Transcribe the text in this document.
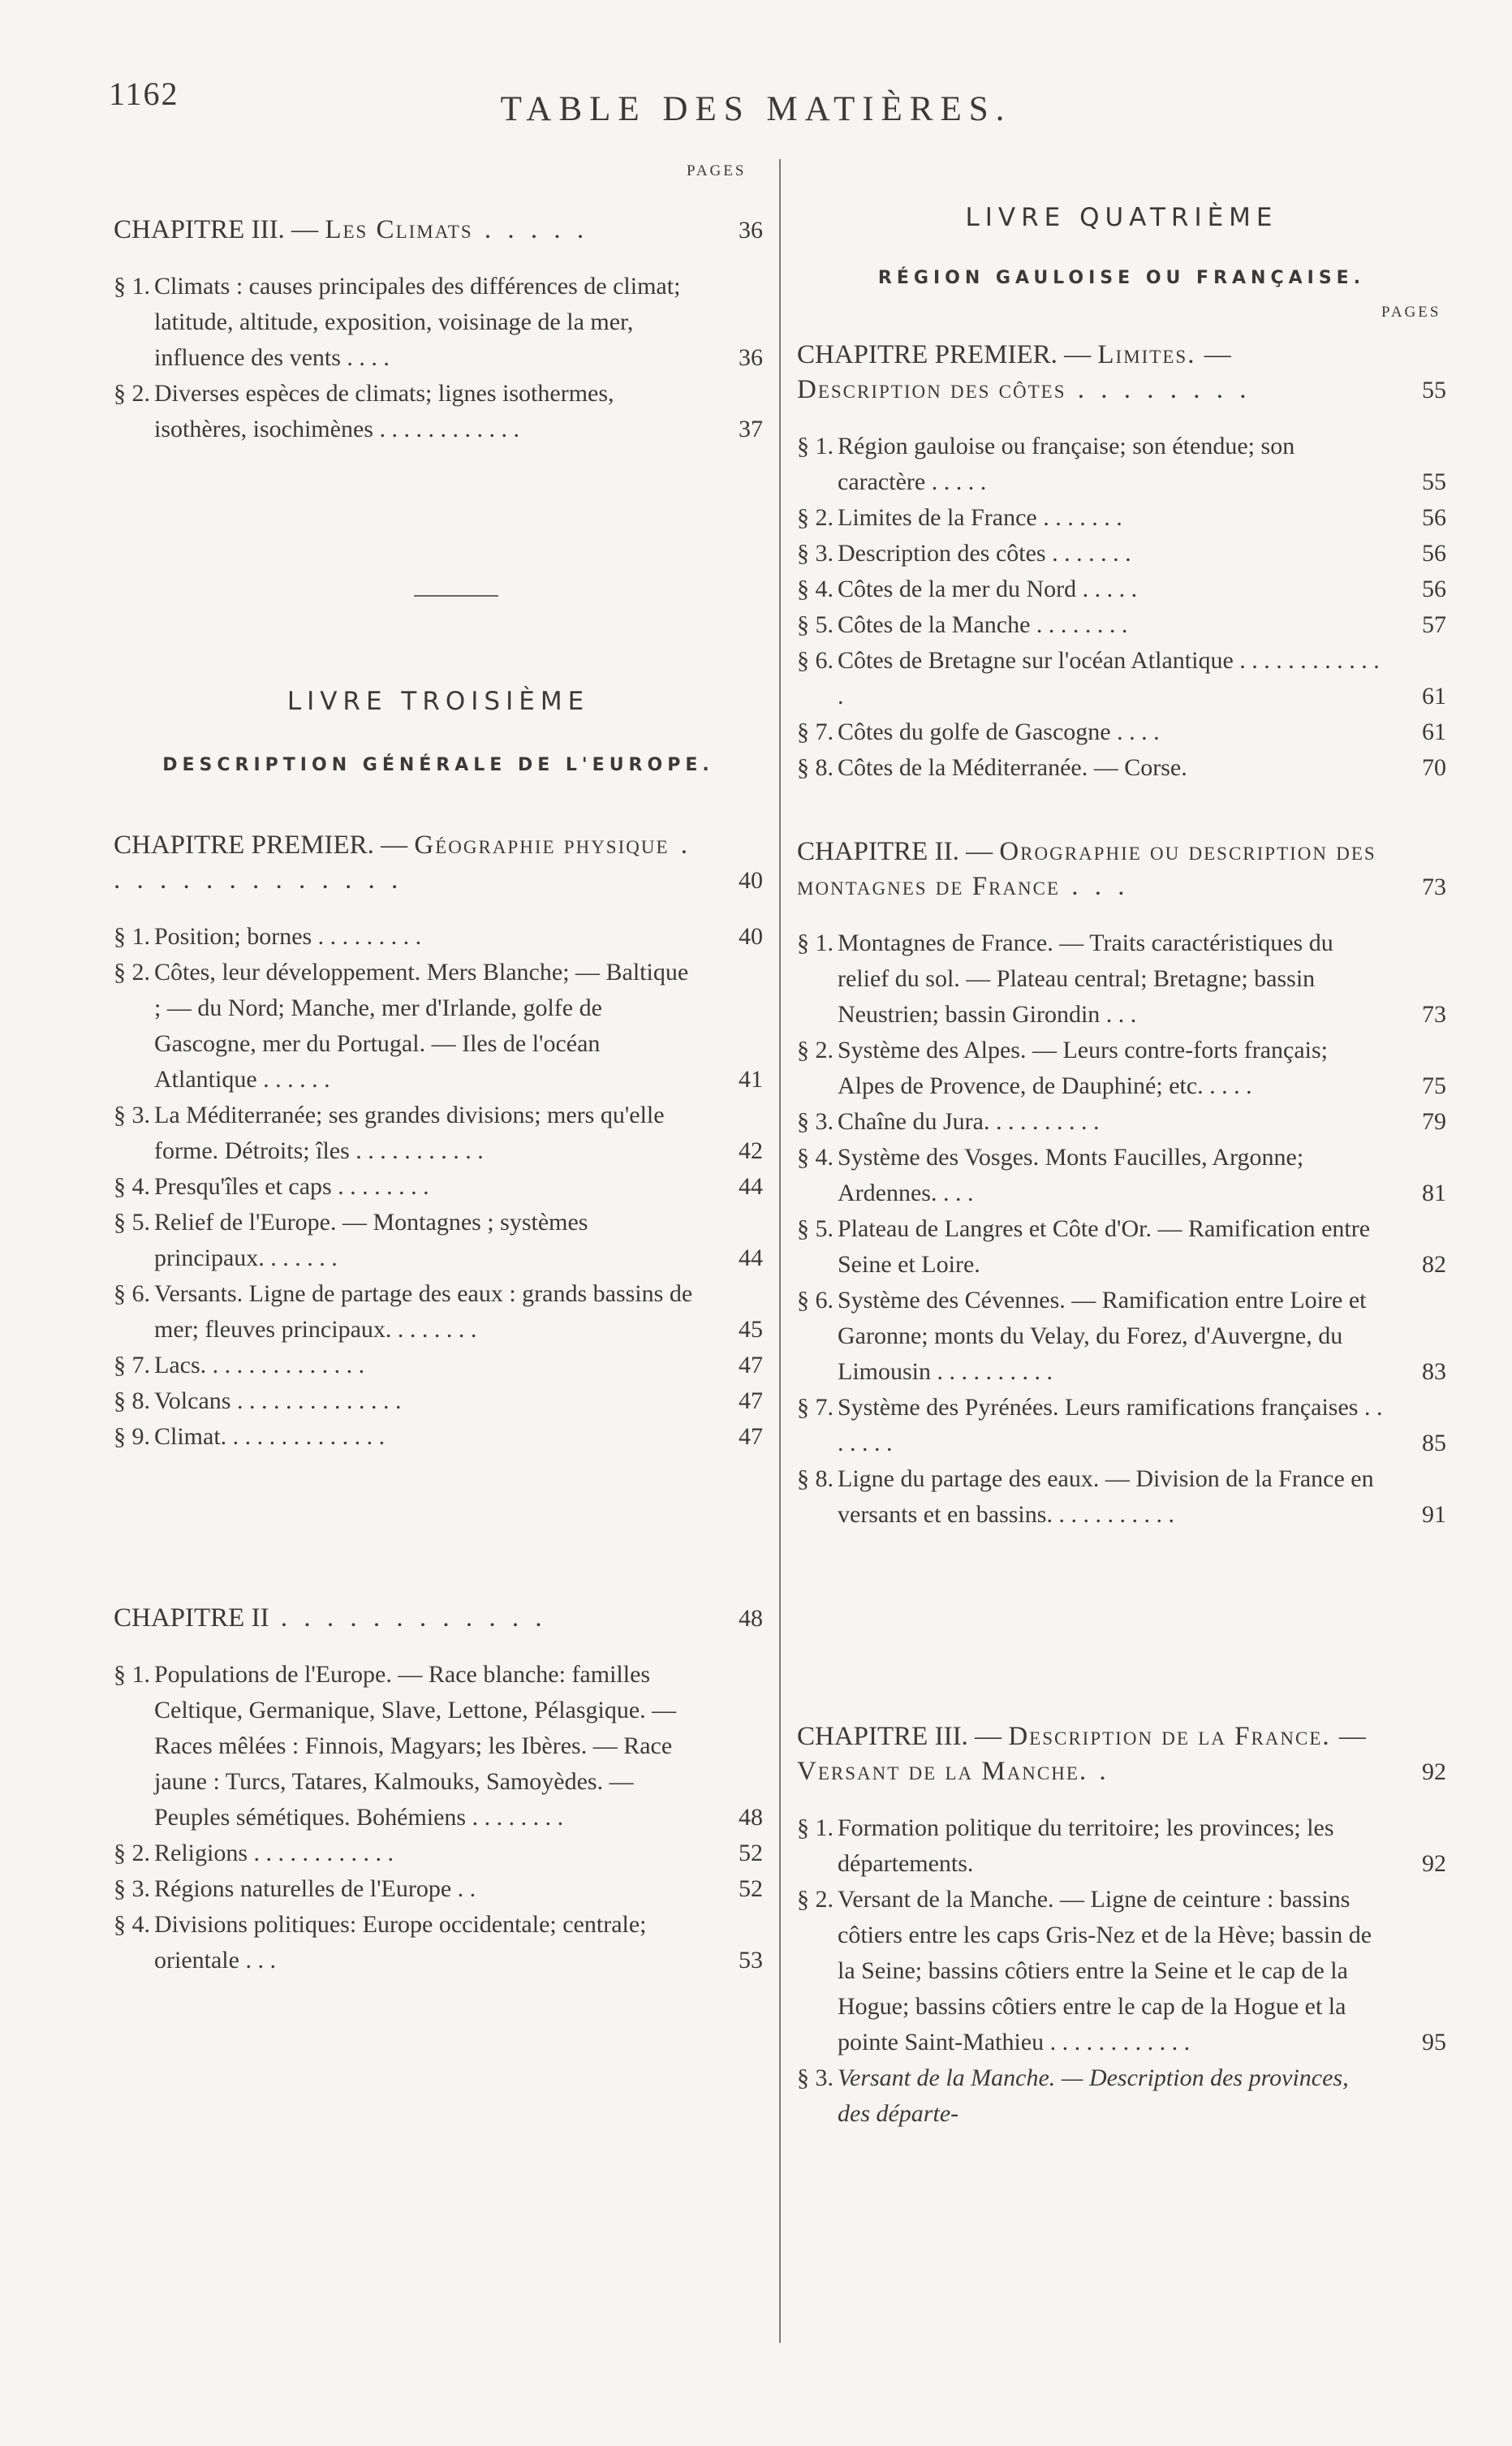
1162	TABLE DES MATIÈRES.
PAGES
CHAPITRE III. — Les Climats . . . . .	36
§ 1. Climats : causes principales des différences de climat; latitude, altitude, exposition, voisinage de la mer, influence des vents . . . .	36
§ 2. Diverses espèces de climats; lignes isothermes, isothères, isochimènes . . . . . . . . . . . .	37
LIVRE TROISIÈME
DESCRIPTION GÉNÉRALE DE L'EUROPE.
CHAPITRE PREMIER. — Géographie physique . . . . . . . . . . . . . .	40
§ 1. Position; bornes . . . . . . . . .	40
§ 2. Côtes, leur développement. Mers Blanche; — Baltique ; — du Nord; Manche, mer d'Irlande, golfe de Gascogne, mer du Portugal. — Iles de l'océan Atlantique . . . . . .	41
§ 3. La Méditerranée; ses grandes divisions; mers qu'elle forme. Détroits; îles . . . . . . . . . . .	42
§ 4. Presqu'îles et caps . . . . . . . .	44
§ 5. Relief de l'Europe. — Montagnes ; systèmes principaux. . . . . . .	44
§ 6. Versants. Ligne de partage des eaux : grands bassins de mer; fleuves principaux. . . . . . . .	45
§ 7. Lacs. . . . . . . . . . . . . .	47
§ 8. Volcans . . . . . . . . . . . . . .	47
§ 9. Climat. . . . . . . . . . . . . .	47
CHAPITRE II . . . . . . . . . . . .	48
§ 1. Populations de l'Europe. — Race blanche: familles Celtique, Germanique, Slave, Lettone, Pélasgique. — Races mêlées : Finnois, Magyars; les Ibères. — Race jaune : Turcs, Tatares, Kalmouks, Samoyèdes. — Peuples sémétiques. Bohémiens . . . . . . . .	48
§ 2. Religions . . . . . . . . . . . .	52
§ 3. Régions naturelles de l'Europe . .	52
§ 4. Divisions politiques: Europe occidentale; centrale; orientale . . .	53
LIVRE QUATRIÈME
RÉGION GAULOISE OU FRANÇAISE.
PAGES
CHAPITRE PREMIER. — Limites. — Description des côtes . . . . . . . .	55
§ 1. Région gauloise ou française; son étendue; son caractère . . . . .	55
§ 2. Limites de la France . . . . . . .	56
§ 3. Description des côtes . . . . . . .	56
§ 4. Côtes de la mer du Nord . . . . .	56
§ 5. Côtes de la Manche . . . . . . . .	57
§ 6. Côtes de Bretagne sur l'océan Atlantique . . . . . . . . . . . . .	61
§ 7. Côtes du golfe de Gascogne . . . .	61
§ 8. Côtes de la Méditerranée. — Corse.	70
CHAPITRE II. — Orographie ou description des montagnes de France . . .	73
§ 1. Montagnes de France. — Traits caractéristiques du relief du sol. — Plateau central; Bretagne; bassin Neustrien; bassin Girondin . . .	73
§ 2. Système des Alpes. — Leurs contre-forts français; Alpes de Provence, de Dauphiné; etc. . . . .	75
§ 3. Chaîne du Jura. . . . . . . . . .	79
§ 4. Système des Vosges. Monts Faucilles, Argonne; Ardennes. . . .	81
§ 5. Plateau de Langres et Côte d'Or. — Ramification entre Seine et Loire.	82
§ 6. Système des Cévennes. — Ramification entre Loire et Garonne; monts du Velay, du Forez, d'Auvergne, du Limousin . . . . . . . . . .	83
§ 7. Système des Pyrénées. Leurs ramifications françaises . . . . . . .	85
§ 8. Ligne du partage des eaux. — Division de la France en versants et en bassins. . . . . . . . . . .	91
CHAPITRE III. — Description de la France. — Versant de la Manche. .	92
§ 1. Formation politique du territoire; les provinces; les départements.	92
§ 2. Versant de la Manche. — Ligne de ceinture : bassins côtiers entre les caps Gris-Nez et de la Hève; bassin de la Seine; bassins côtiers entre la Seine et le cap de la Hogue; bassins côtiers entre le cap de la Hogue et la pointe Saint-Mathieu . . . . . . . . . . . .	95
§ 3. Versant de la Manche. — Description des provinces, des départe-
